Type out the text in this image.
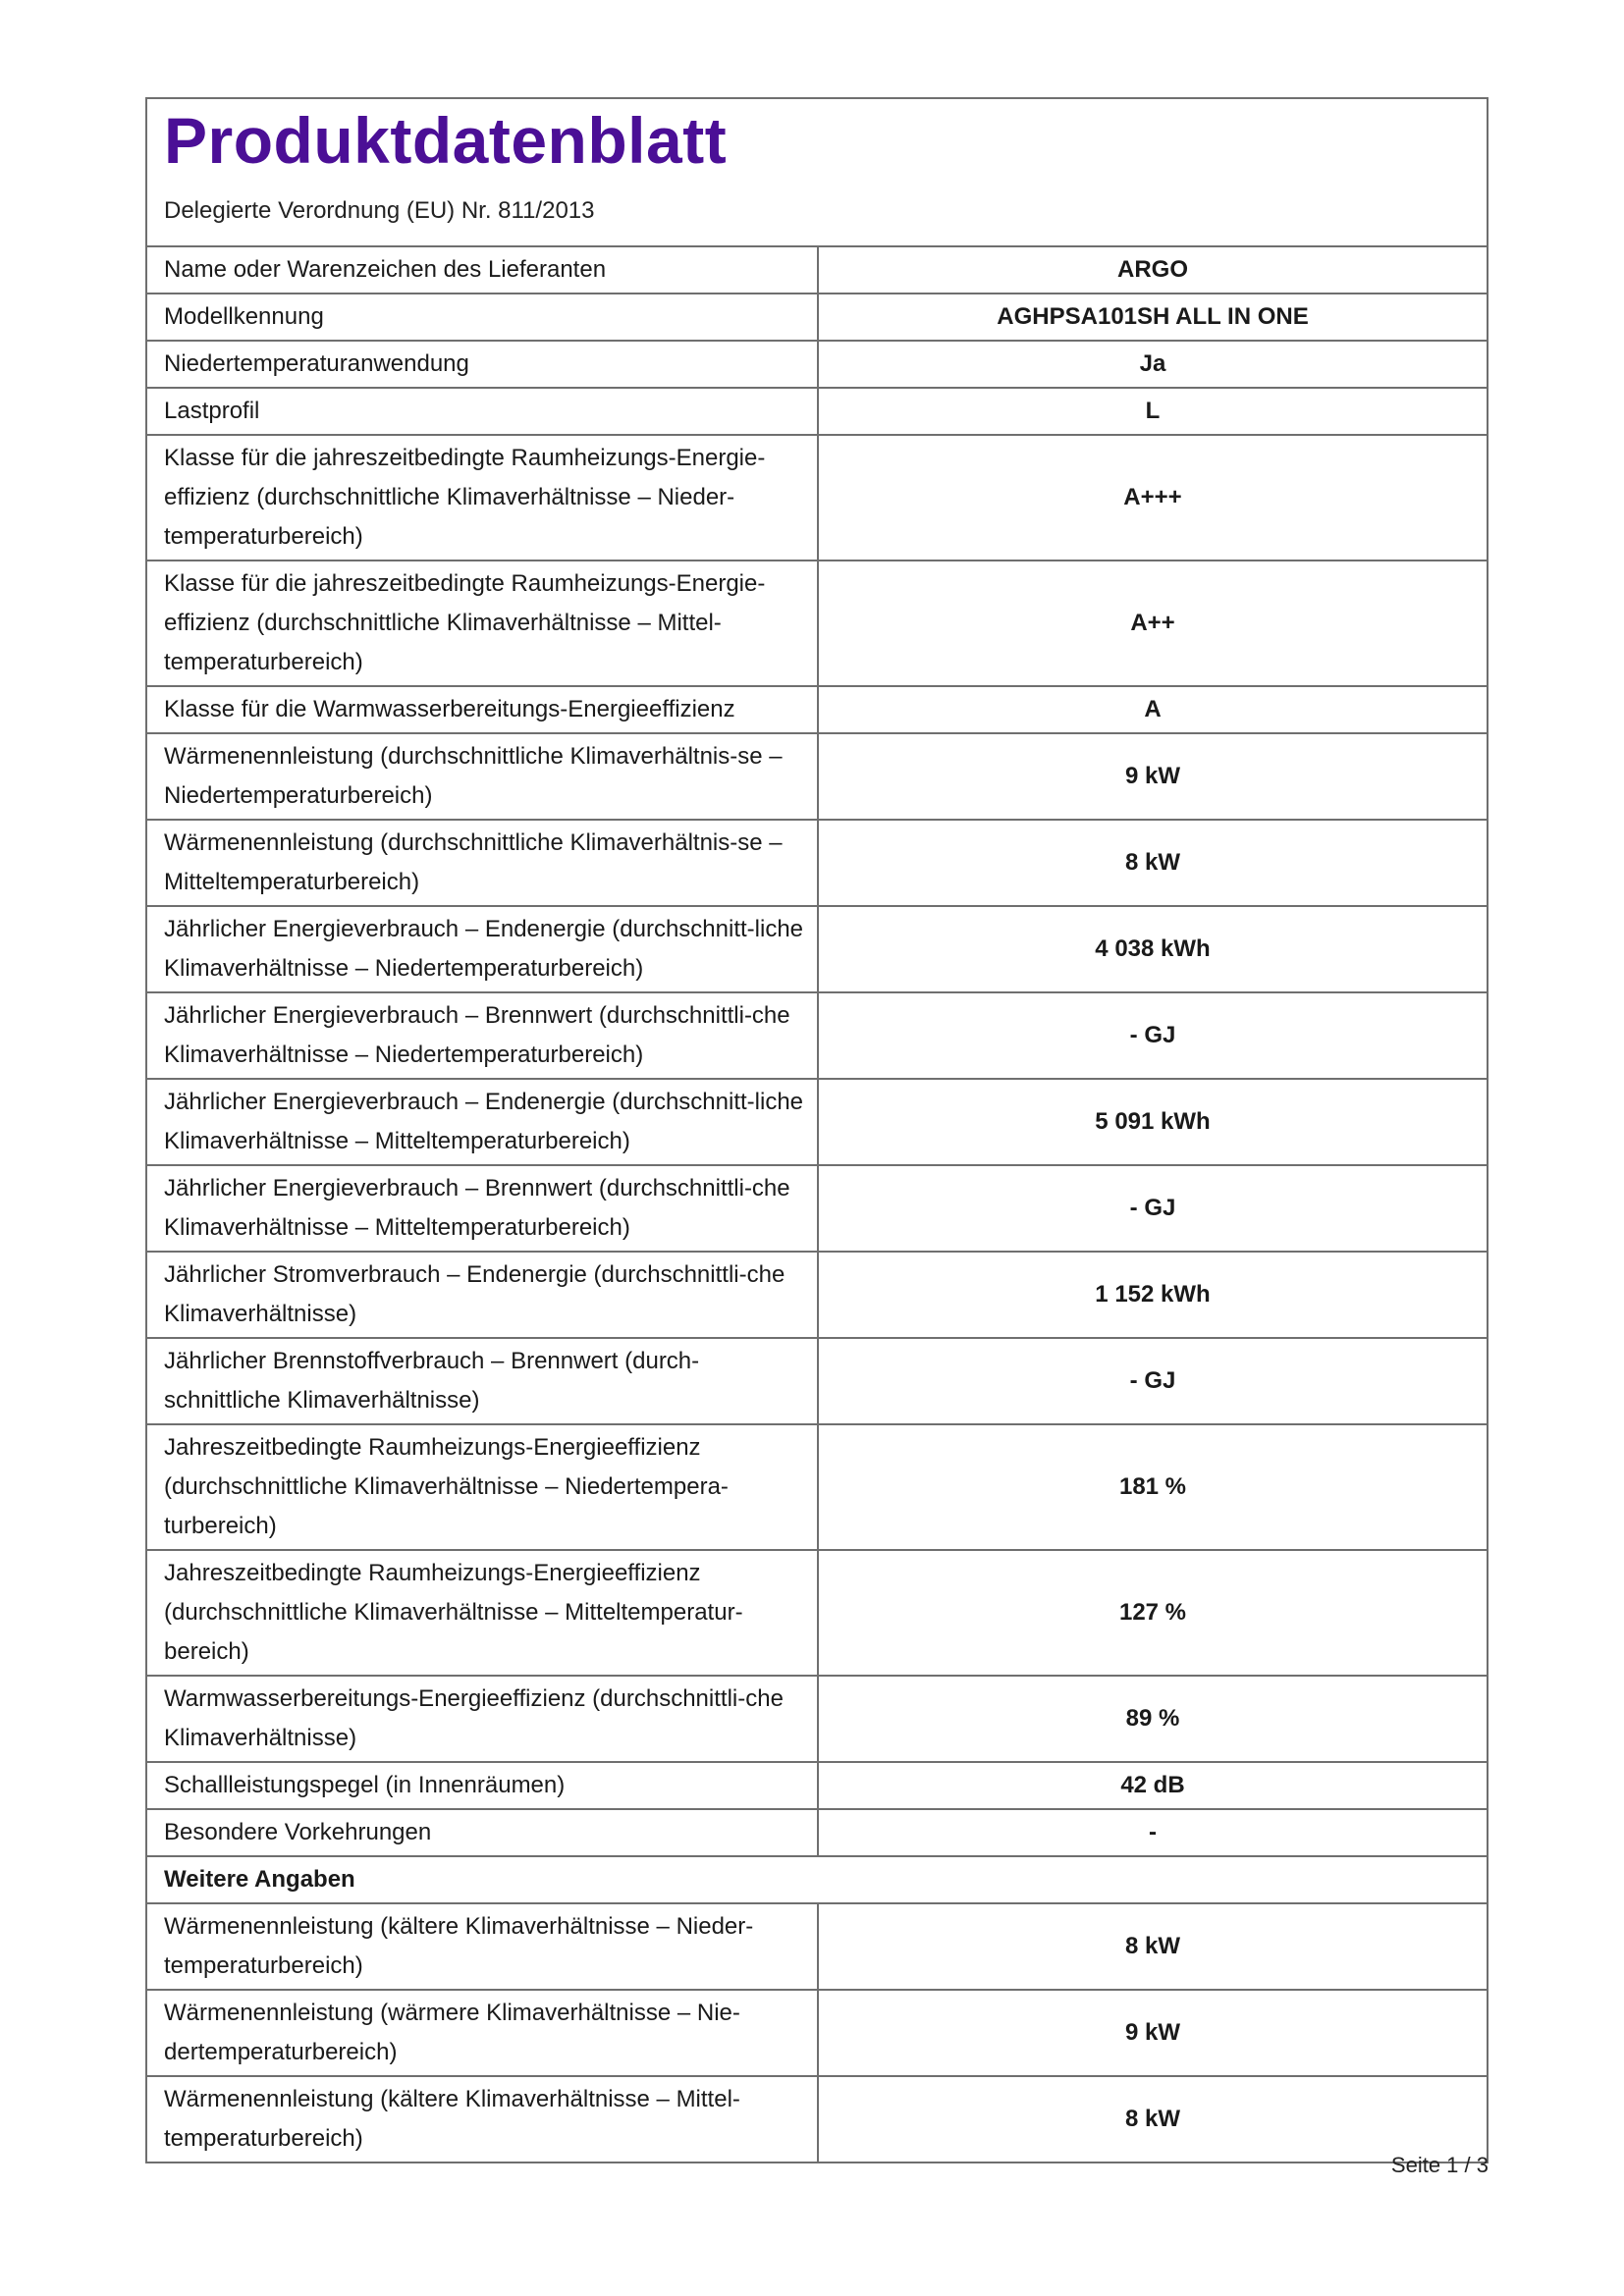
Produktdatenblatt
Delegierte Verordnung (EU) Nr. 811/2013
Name oder Warenzeichen des Lieferanten	ARGO
Modellkennung	AGHPSA101SH ALL IN ONE
Niedertemperaturanwendung	Ja
Lastprofil	L
Klasse für die jahreszeitbedingte Raumheizungs-Energie-effizienz (durchschnittliche Klimaverhältnisse – Nieder-temperaturbereich)	A+++
Klasse für die jahreszeitbedingte Raumheizungs-Energie-effizienz (durchschnittliche Klimaverhältnisse – Mittel-temperaturbereich)	A++
Klasse für die Warmwasserbereitungs-Energieeffizienz	A
Wärmenennleistung (durchschnittliche Klimaverhältnis-se – Niedertemperaturbereich)	9 kW
Wärmenennleistung (durchschnittliche Klimaverhältnis-se – Mitteltemperaturbereich)	8 kW
Jährlicher Energieverbrauch – Endenergie (durchschnitt-liche Klimaverhältnisse – Niedertemperaturbereich)	4 038 kWh
Jährlicher Energieverbrauch – Brennwert (durchschnittli-che Klimaverhältnisse – Niedertemperaturbereich)	- GJ
Jährlicher Energieverbrauch – Endenergie (durchschnitt-liche Klimaverhältnisse – Mitteltemperaturbereich)	5 091 kWh
Jährlicher Energieverbrauch – Brennwert (durchschnittli-che Klimaverhältnisse – Mitteltemperaturbereich)	- GJ
Jährlicher Stromverbrauch – Endenergie (durchschnittli-che Klimaverhältnisse)	1 152 kWh
Jährlicher Brennstoffverbrauch – Brennwert (durch-schnittliche Klimaverhältnisse)	- GJ
Jahreszeitbedingte Raumheizungs-Energieeffizienz (durchschnittliche Klimaverhältnisse – Niedertempera-turbereich)	181 %
Jahreszeitbedingte Raumheizungs-Energieeffizienz (durchschnittliche Klimaverhältnisse – Mitteltemperatur-bereich)	127 %
Warmwasserbereitungs-Energieeffizienz (durchschnittli-che Klimaverhältnisse)	89 %
Schallleistungspegel (in Innenräumen)	42 dB
Besondere Vorkehrungen	-
Weitere Angaben	
Wärmenennleistung (kältere Klimaverhältnisse – Nieder-temperaturbereich)	8 kW
Wärmenennleistung (wärmere Klimaverhältnisse – Nie-dertemperaturbereich)	9 kW
Wärmenennleistung (kältere Klimaverhältnisse – Mittel-temperaturbereich)	8 kW
Seite 1 / 3
